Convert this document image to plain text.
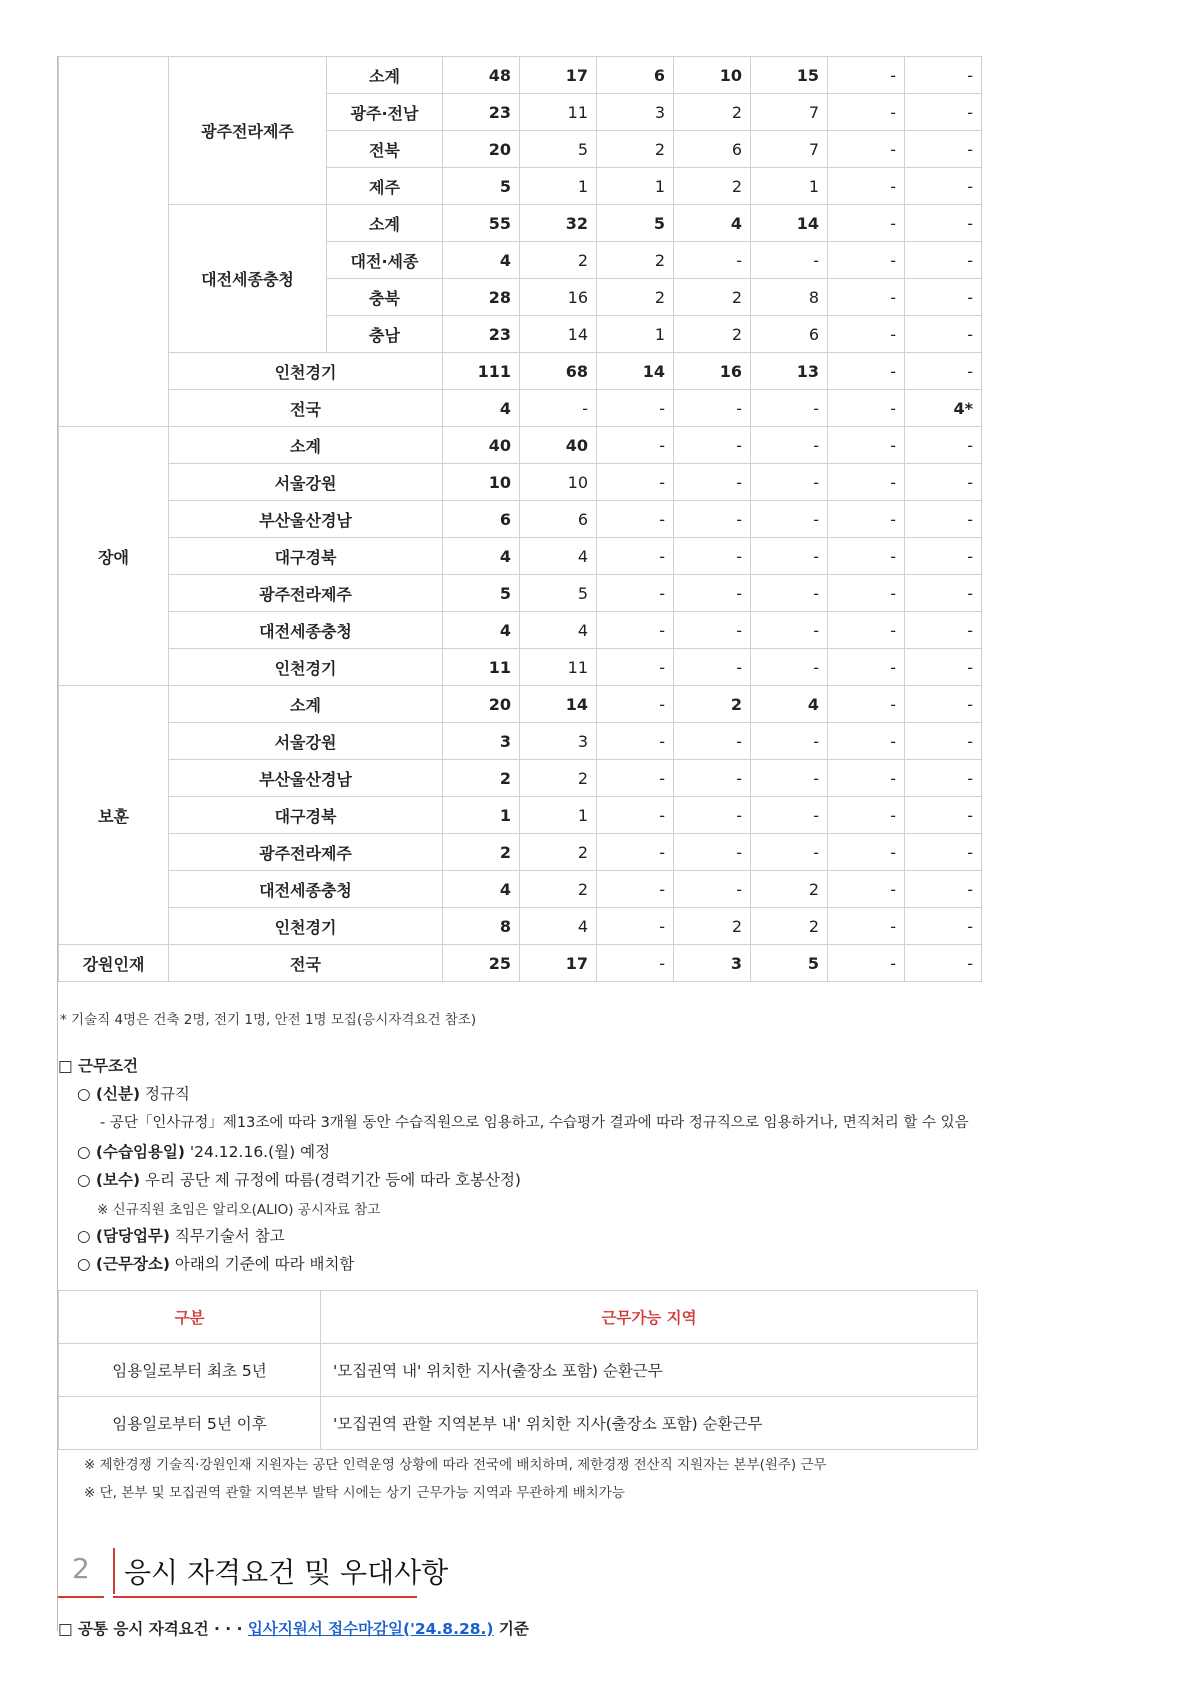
	광주전라제주	소계	48	17	6	10	15	-	-
		광주·전남	23	11	3	2	7	-	-
		전북	20	5	2	6	7	-	-
		제주	5	1	1	2	1	-	-
	대전세종충청	소계	55	32	5	4	14	-	-
		대전·세종	4	2	2	-	-	-	-
		충북	28	16	2	2	8	-	-
		충남	23	14	1	2	6	-	-
	인천경기		111	68	14	16	13	-	-
	전국		4	-	-	-	-	-	4*
장애	소계		40	40	-	-	-	-	-
	서울강원		10	10	-	-	-	-	-
	부산울산경남		6	6	-	-	-	-	-
	대구경북		4	4	-	-	-	-	-
	광주전라제주		5	5	-	-	-	-	-
	대전세종충청		4	4	-	-	-	-	-
	인천경기		11	11	-	-	-	-	-
보훈	소계		20	14	-	2	4	-	-
	서울강원		3	3	-	-	-	-	-
	부산울산경남		2	2	-	-	-	-	-
	대구경북		1	1	-	-	-	-	-
	광주전라제주		2	2	-	-	-	-	-
	대전세종충청		4	2	-	-	2	-	-
	인천경기		8	4	-	2	2	-	-
강원인재	전국		25	17	-	3	5	-	-
* 기술직 4명은 건축 2명, 전기 1명, 안전 1명 모집(응시자격요건 참조)
□ 근무조건
○ (신분) 정규직
- 공단「인사규정」제13조에 따라 3개월 동안 수습직원으로 임용하고, 수습평가 결과에 따라 정규직으로 임용하거나, 면직처리 할 수 있음
○ (수습임용일) '24.12.16.(월) 예정
○ (보수) 우리 공단 제 규정에 따름(경력기간 등에 따라 호봉산정)
※ 신규직원 초임은 알리오(ALIO) 공시자료 참고
○ (담당업무) 직무기술서 참고
○ (근무장소) 아래의 기준에 따라 배치함
구분	근무가능 지역
임용일로부터 최초 5년	'모집권역 내' 위치한 지사(출장소 포함) 순환근무
임용일로부터 5년 이후	'모집권역 관할 지역본부 내' 위치한 지사(출장소 포함) 순환근무
※ 제한경쟁 기술직·강원인재 지원자는 공단 인력운영 상황에 따라 전국에 배치하며, 제한경쟁 전산직 지원자는 본부(원주) 근무
※ 단, 본부 및 모집권역 관할 지역본부 발탁 시에는 상기 근무가능 지역과 무관하게 배치가능
2 응시 자격요건 및 우대사항
□ 공통 응시 자격요건 · · · 입사지원서 접수마감일('24.8.28.) 기준
